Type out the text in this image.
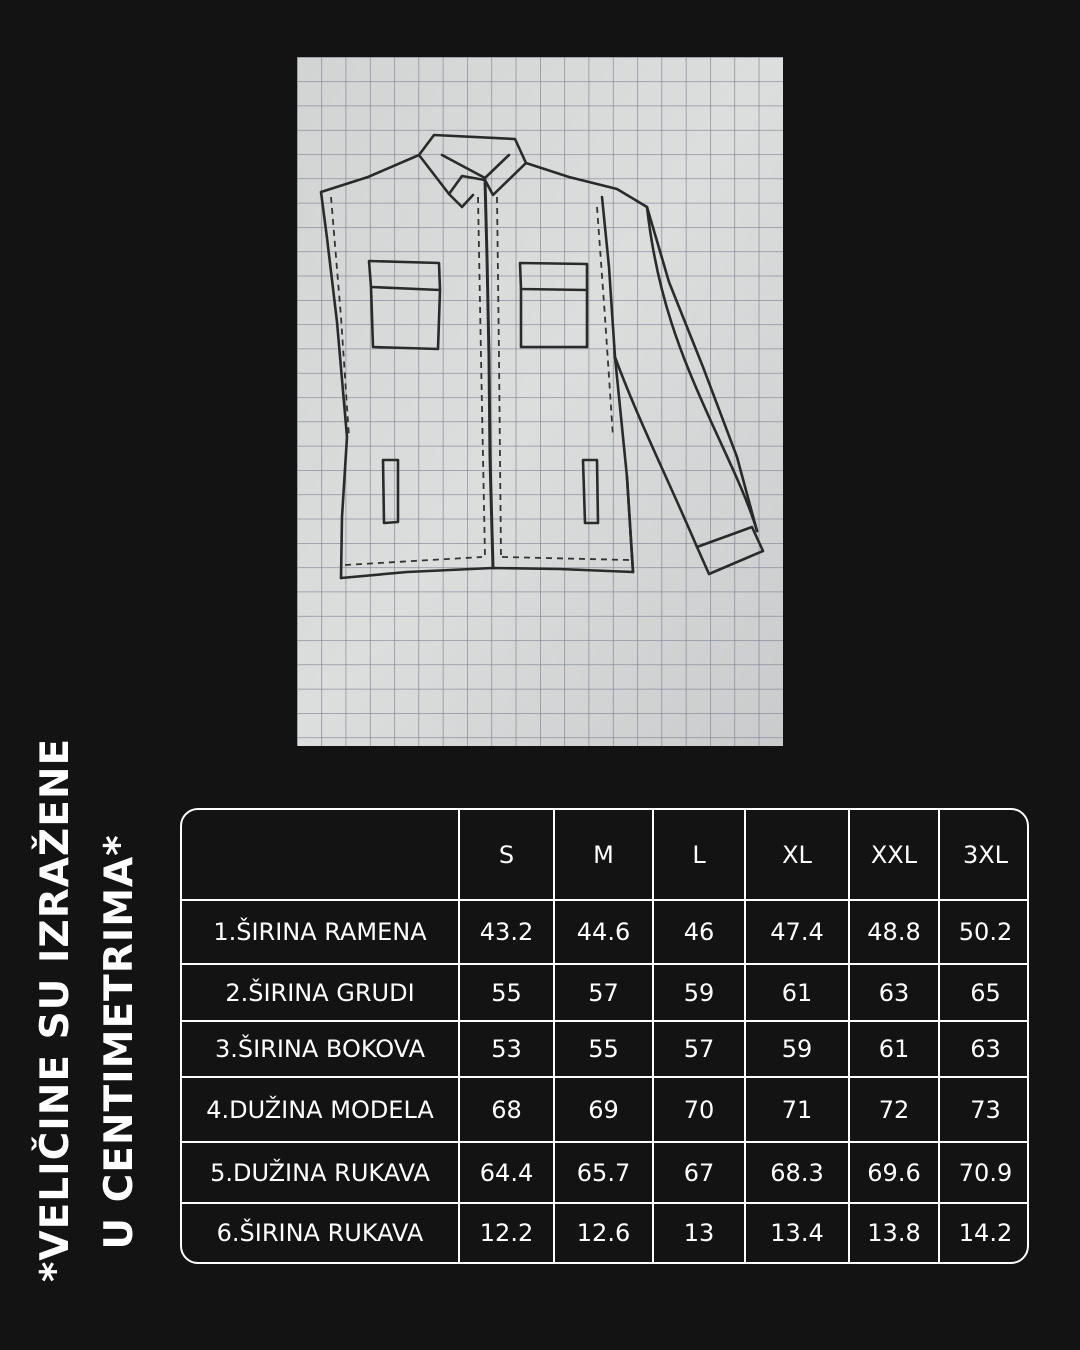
*VELIČINE SU IZRAŽENE U CENTIMETRIMA*
		S	M	L	XL	XXL	3XL
1.ŠIRINA RAMENA	43.2	44.6	46	47.4	48.8	50.2
2.ŠIRINA GRUDI	55	57	59	61	63	65
3.ŠIRINA BOKOVA	53	55	57	59	61	63
4.DUŽINA MODELA	68	69	70	71	72	73
5.DUŽINA RUKAVA	64.4	65.7	67	68.3	69.6	70.9
6.ŠIRINA RUKAVA	12.2	12.6	13	13.4	13.8	14.2
